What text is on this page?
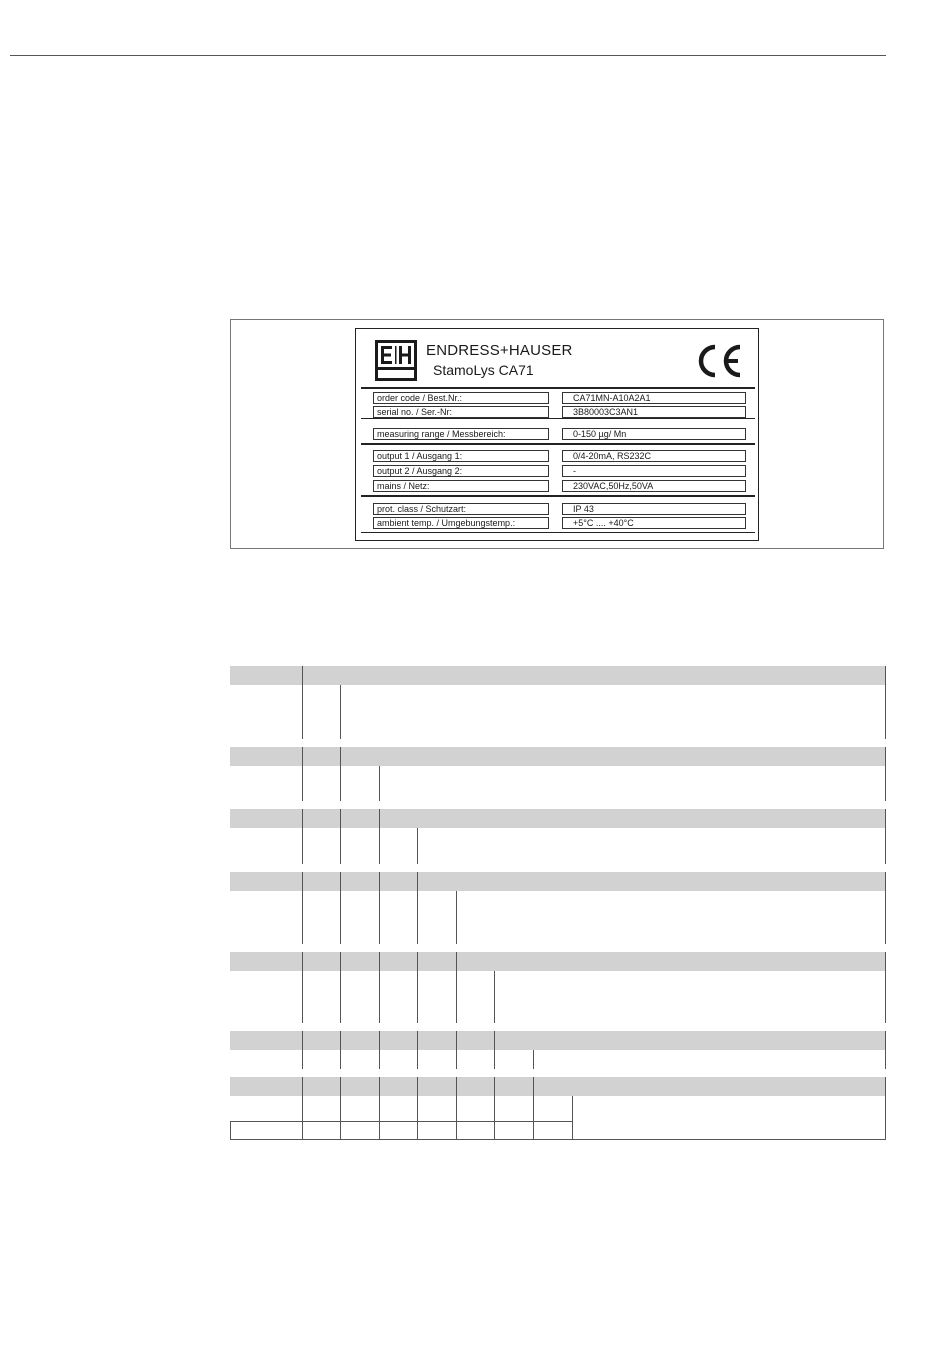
ENDRESS+HAUSER
StamoLys CA71
order code / Best.Nr.:	CA71MN-A10A2A1
serial no. / Ser.-Nr:	3B80003C3AN1
measuring range / Messbereich:	0-150 µg/ Mn
output 1 / Ausgang 1:	0/4-20mA, RS232C
output 2 / Ausgang 2:	-
mains / Netz:	230VAC,50Hz,50VA
prot. class / Schutzart:	IP 43
ambient temp. / Umgebungstemp.:	+5°C .... +40°C
